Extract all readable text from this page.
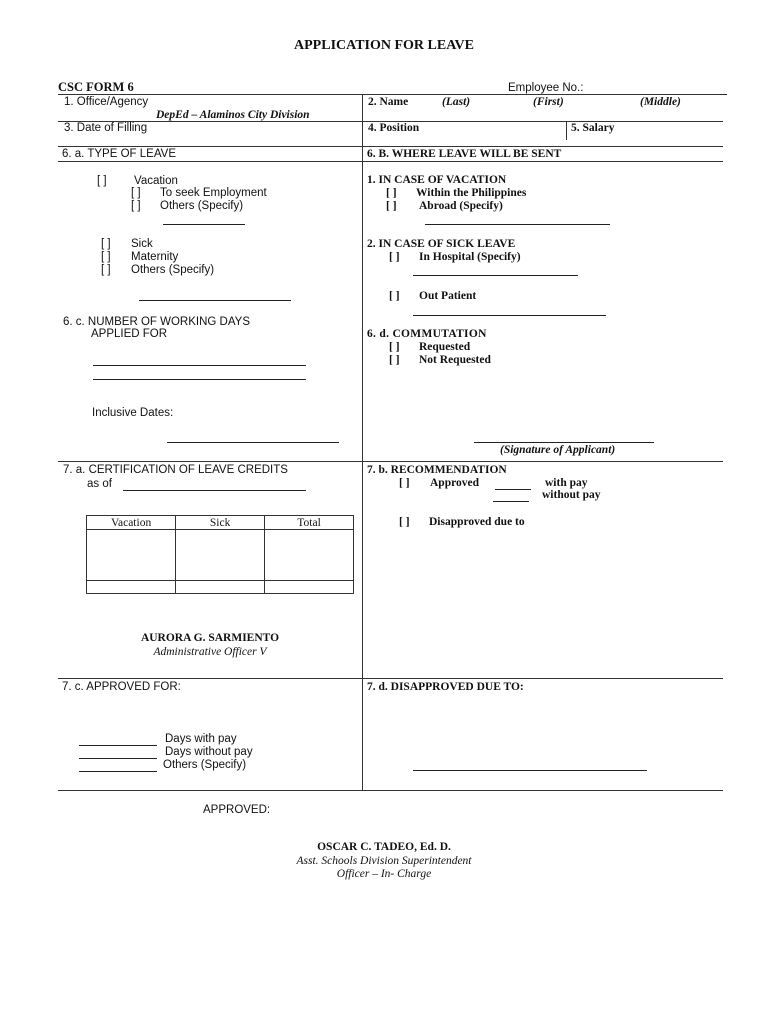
APPLICATION FOR LEAVE
CSC FORM 6	Employee No.:
1. Office/Agency
DepEd – Alaminos City Division
2. Name	(Last)	(First)	(Middle)
3. Date of Filling	4. Position	5. Salary
6. a. TYPE OF LEAVE
[ ] Vacation
[ ] To seek Employment
[ ] Others (Specify)
[ ] Sick
[ ] Maternity
[ ] Others (Specify)
6. B. WHERE LEAVE WILL BE SENT
1. IN CASE OF VACATION
[ ] Within the Philippines
[ ] Abroad (Specify)
2. IN CASE OF SICK LEAVE
[ ] In Hospital (Specify)
[ ] Out Patient
6. c. NUMBER OF WORKING DAYS
APPLIED FOR
Inclusive Dates:
6. d. COMMUTATION
[ ] Requested
[ ] Not Requested
(Signature of Applicant)
7. a. CERTIFICATION OF LEAVE CREDITS
as of
Vacation	Sick	Total

AURORA G. SARMIENTO
Administrative Officer V
7. b. RECOMMENDATION
[ ] Approved	with pay
without pay
[ ] Disapproved due to
7. c. APPROVED FOR:
Days with pay
Days without pay
Others (Specify)
7. d. DISAPPROVED DUE TO:
APPROVED:
OSCAR C. TADEO, Ed. D.
Asst. Schools Division Superintendent
Officer – In- Charge
